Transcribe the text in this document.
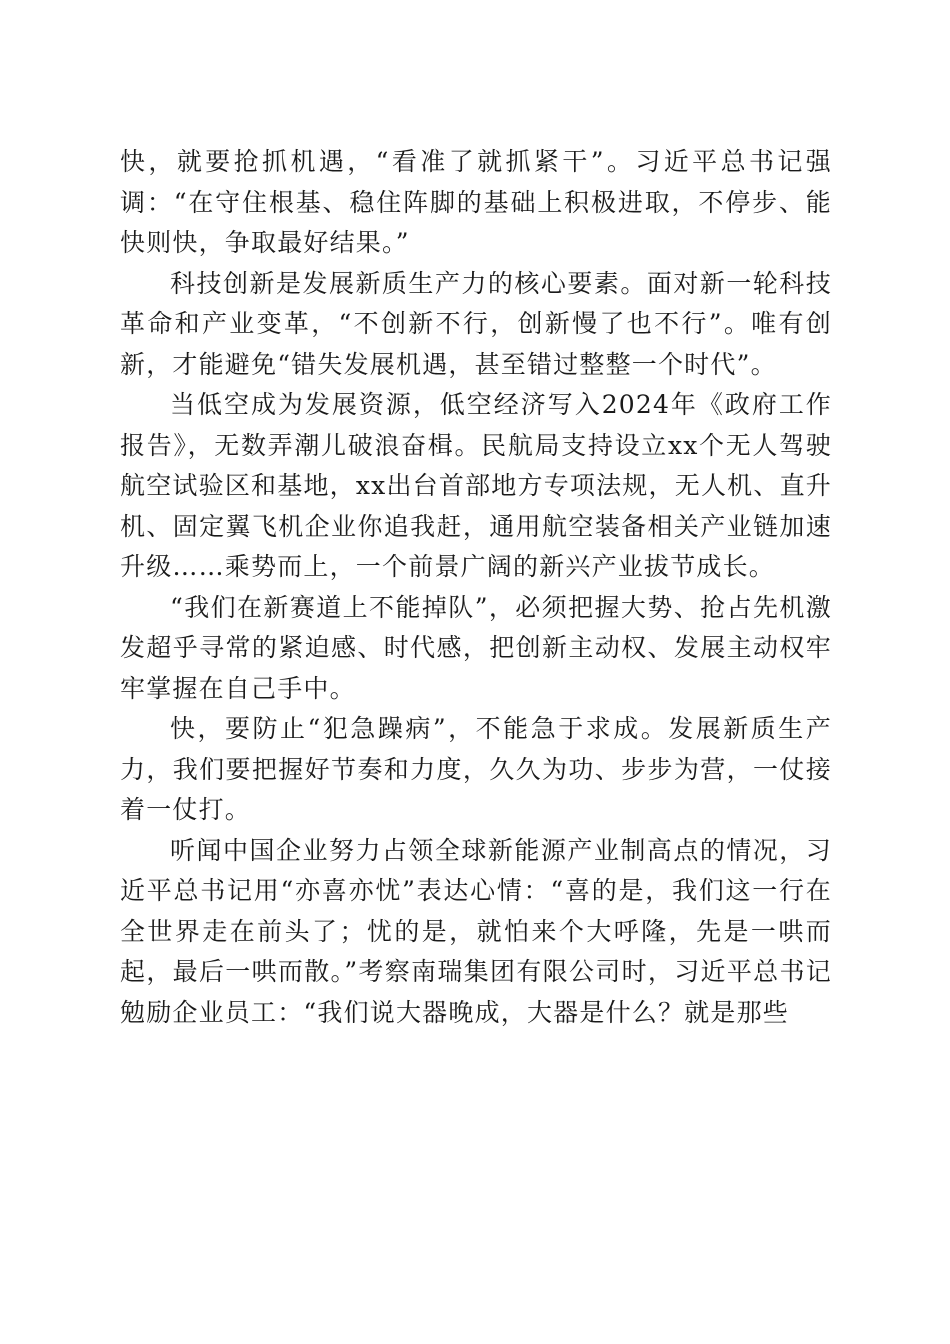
快，就要抢抓机遇，“看准了就抓紧干”。习近平总书记强调：“在守住根基、稳住阵脚的基础上积极进取，不停步、能快则快，争取最好结果。”

科技创新是发展新质生产力的核心要素。面对新一轮科技革命和产业变革，“不创新不行，创新慢了也不行”。唯有创新，才能避免“错失发展机遇，甚至错过整整一个时代”。

当低空成为发展资源，低空经济写入2024年《政府工作报告》，无数弄潮儿破浪奋楫。民航局支持设立xx个无人驾驶航空试验区和基地，xx出台首部地方专项法规，无人机、直升机、固定翼飞机企业你追我赶，通用航空装备相关产业链加速升级……乘势而上，一个前景广阔的新兴产业拔节成长。

“我们在新赛道上不能掉队”，必须把握大势、抢占先机激发超乎寻常的紧迫感、时代感，把创新主动权、发展主动权牢牢掌握在自己手中。

快，要防止“犯急躁病”，不能急于求成。发展新质生产力，我们要把握好节奏和力度，久久为功、步步为营，一仗接着一仗打。

听闻中国企业努力占领全球新能源产业制高点的情况，习近平总书记用“亦喜亦忧”表达心情：“喜的是，我们这一行在全世界走在前头了；忧的是，就怕来个大呼隆，先是一哄而起，最后一哄而散。”考察南瑞集团有限公司时，习近平总书记勉励企业员工：“我们说大器晚成，大器是什么？就是那些
